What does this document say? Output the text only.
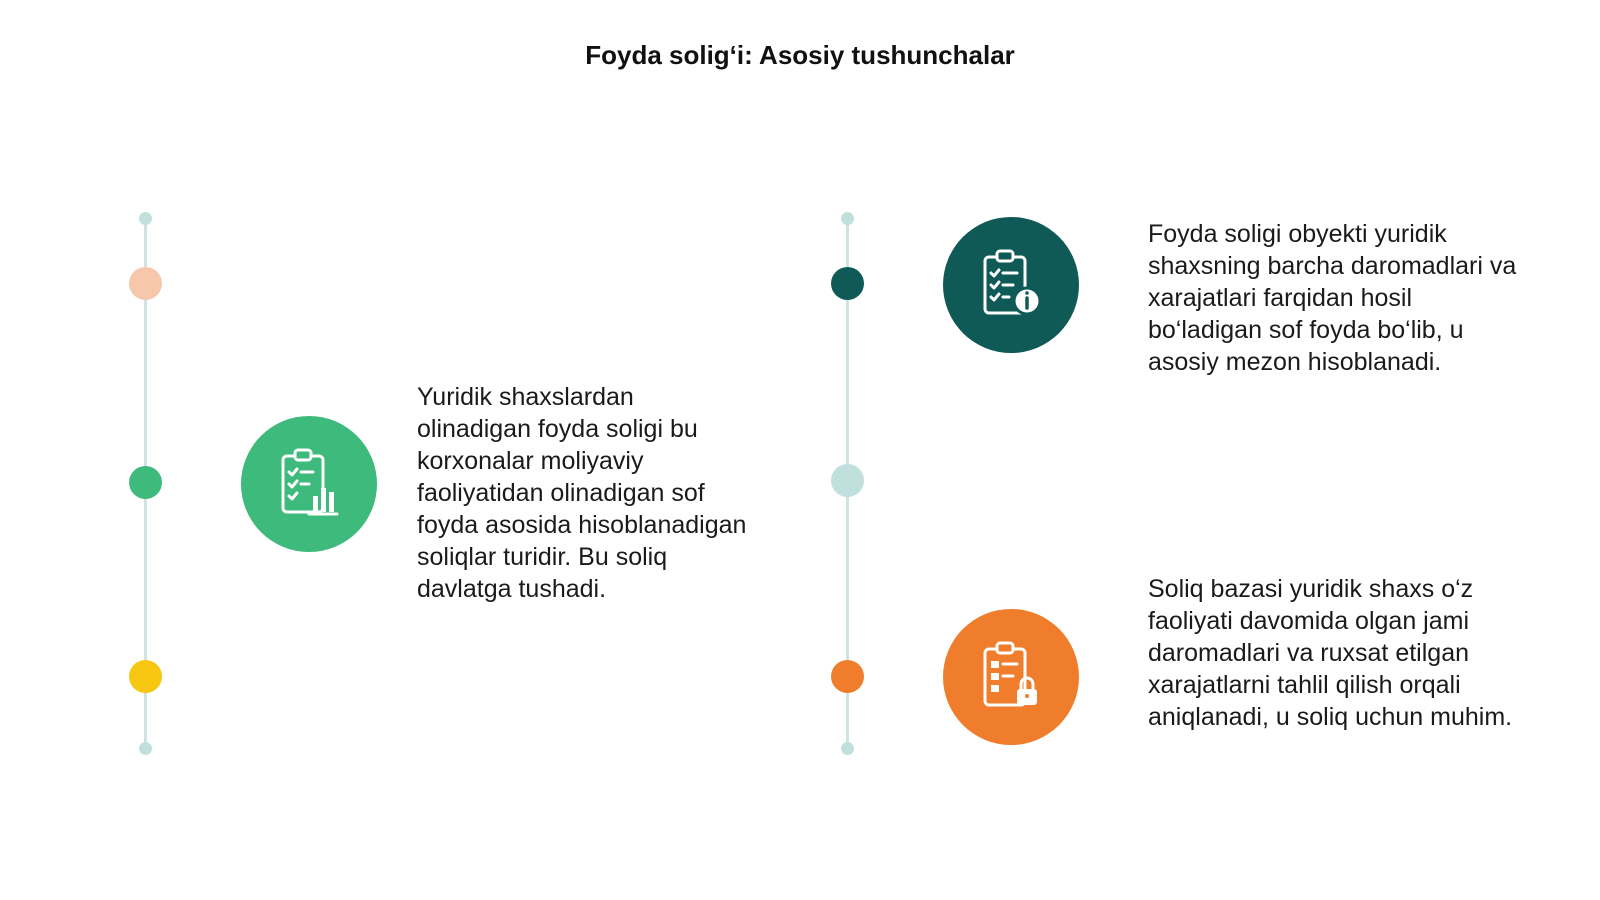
Foyda solig‘i: Asosiy tushunchalar
Yuridik shaxslardan olinadigan foyda soligi bu korxonalar moliyaviy faoliyatidan olinadigan sof foyda asosida hisoblanadigan soliqlar turidir. Bu soliq davlatga tushadi.
Foyda soligi obyekti yuridik shaxsning barcha daromadlari va xarajatlari farqidan hosil bo‘ladigan sof foyda bo‘lib, u asosiy mezon hisoblanadi.
Soliq bazasi yuridik shaxs o‘z faoliyati davomida olgan jami daromadlari va ruxsat etilgan xarajatlarni tahlil qilish orqali aniqlanadi, u soliq uchun muhim.
